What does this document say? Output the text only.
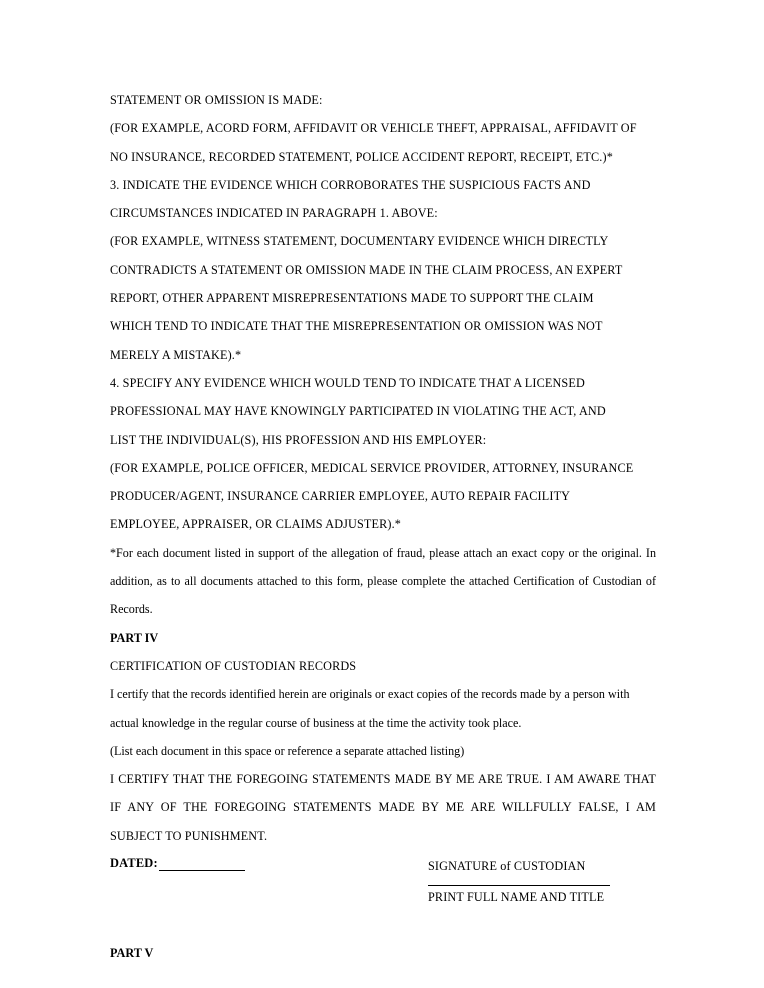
STATEMENT OR OMISSION IS MADE:
(FOR EXAMPLE, ACORD FORM, AFFIDAVIT OR VEHICLE THEFT, APPRAISAL, AFFIDAVIT OF
NO INSURANCE, RECORDED STATEMENT, POLICE ACCIDENT REPORT, RECEIPT, ETC.)*
3. INDICATE THE EVIDENCE WHICH CORROBORATES THE SUSPICIOUS FACTS AND
CIRCUMSTANCES INDICATED IN PARAGRAPH 1. ABOVE:
(FOR EXAMPLE, WITNESS STATEMENT, DOCUMENTARY EVIDENCE WHICH DIRECTLY
CONTRADICTS A STATEMENT OR OMISSION MADE IN THE CLAIM PROCESS, AN EXPERT
REPORT, OTHER APPARENT MISREPRESENTATIONS MADE TO SUPPORT THE CLAIM
WHICH TEND TO INDICATE THAT THE MISREPRESENTATION OR OMISSION WAS NOT
MERELY A MISTAKE).*
4. SPECIFY ANY EVIDENCE WHICH WOULD TEND TO INDICATE THAT A LICENSED
PROFESSIONAL MAY HAVE KNOWINGLY PARTICIPATED IN VIOLATING THE ACT, AND
LIST THE INDIVIDUAL(S), HIS PROFESSION AND HIS EMPLOYER:
(FOR EXAMPLE, POLICE OFFICER, MEDICAL SERVICE PROVIDER, ATTORNEY, INSURANCE
PRODUCER/AGENT, INSURANCE CARRIER EMPLOYEE, AUTO REPAIR FACILITY
EMPLOYEE, APPRAISER, OR CLAIMS ADJUSTER).*

*For each document listed in support of the allegation of fraud, please attach an exact copy or the original. In addition, as to all documents attached to this form, please complete the attached Certification of Custodian of Records.

PART IV
CERTIFICATION OF CUSTODIAN RECORDS
I certify that the records identified herein are originals or exact copies of the records made by a person with
actual knowledge in the regular course of business at the time the activity took place.
(List each document in this space or reference a separate attached listing)

I CERTIFY THAT THE FOREGOING STATEMENTS MADE BY ME ARE TRUE. I AM AWARE THAT IF ANY OF THE FOREGOING STATEMENTS MADE BY ME ARE WILLFULLY FALSE, I AM SUBJECT TO PUNISHMENT.

DATED:	SIGNATURE of CUSTODIAN
PRINT FULL NAME AND TITLE
PART V
